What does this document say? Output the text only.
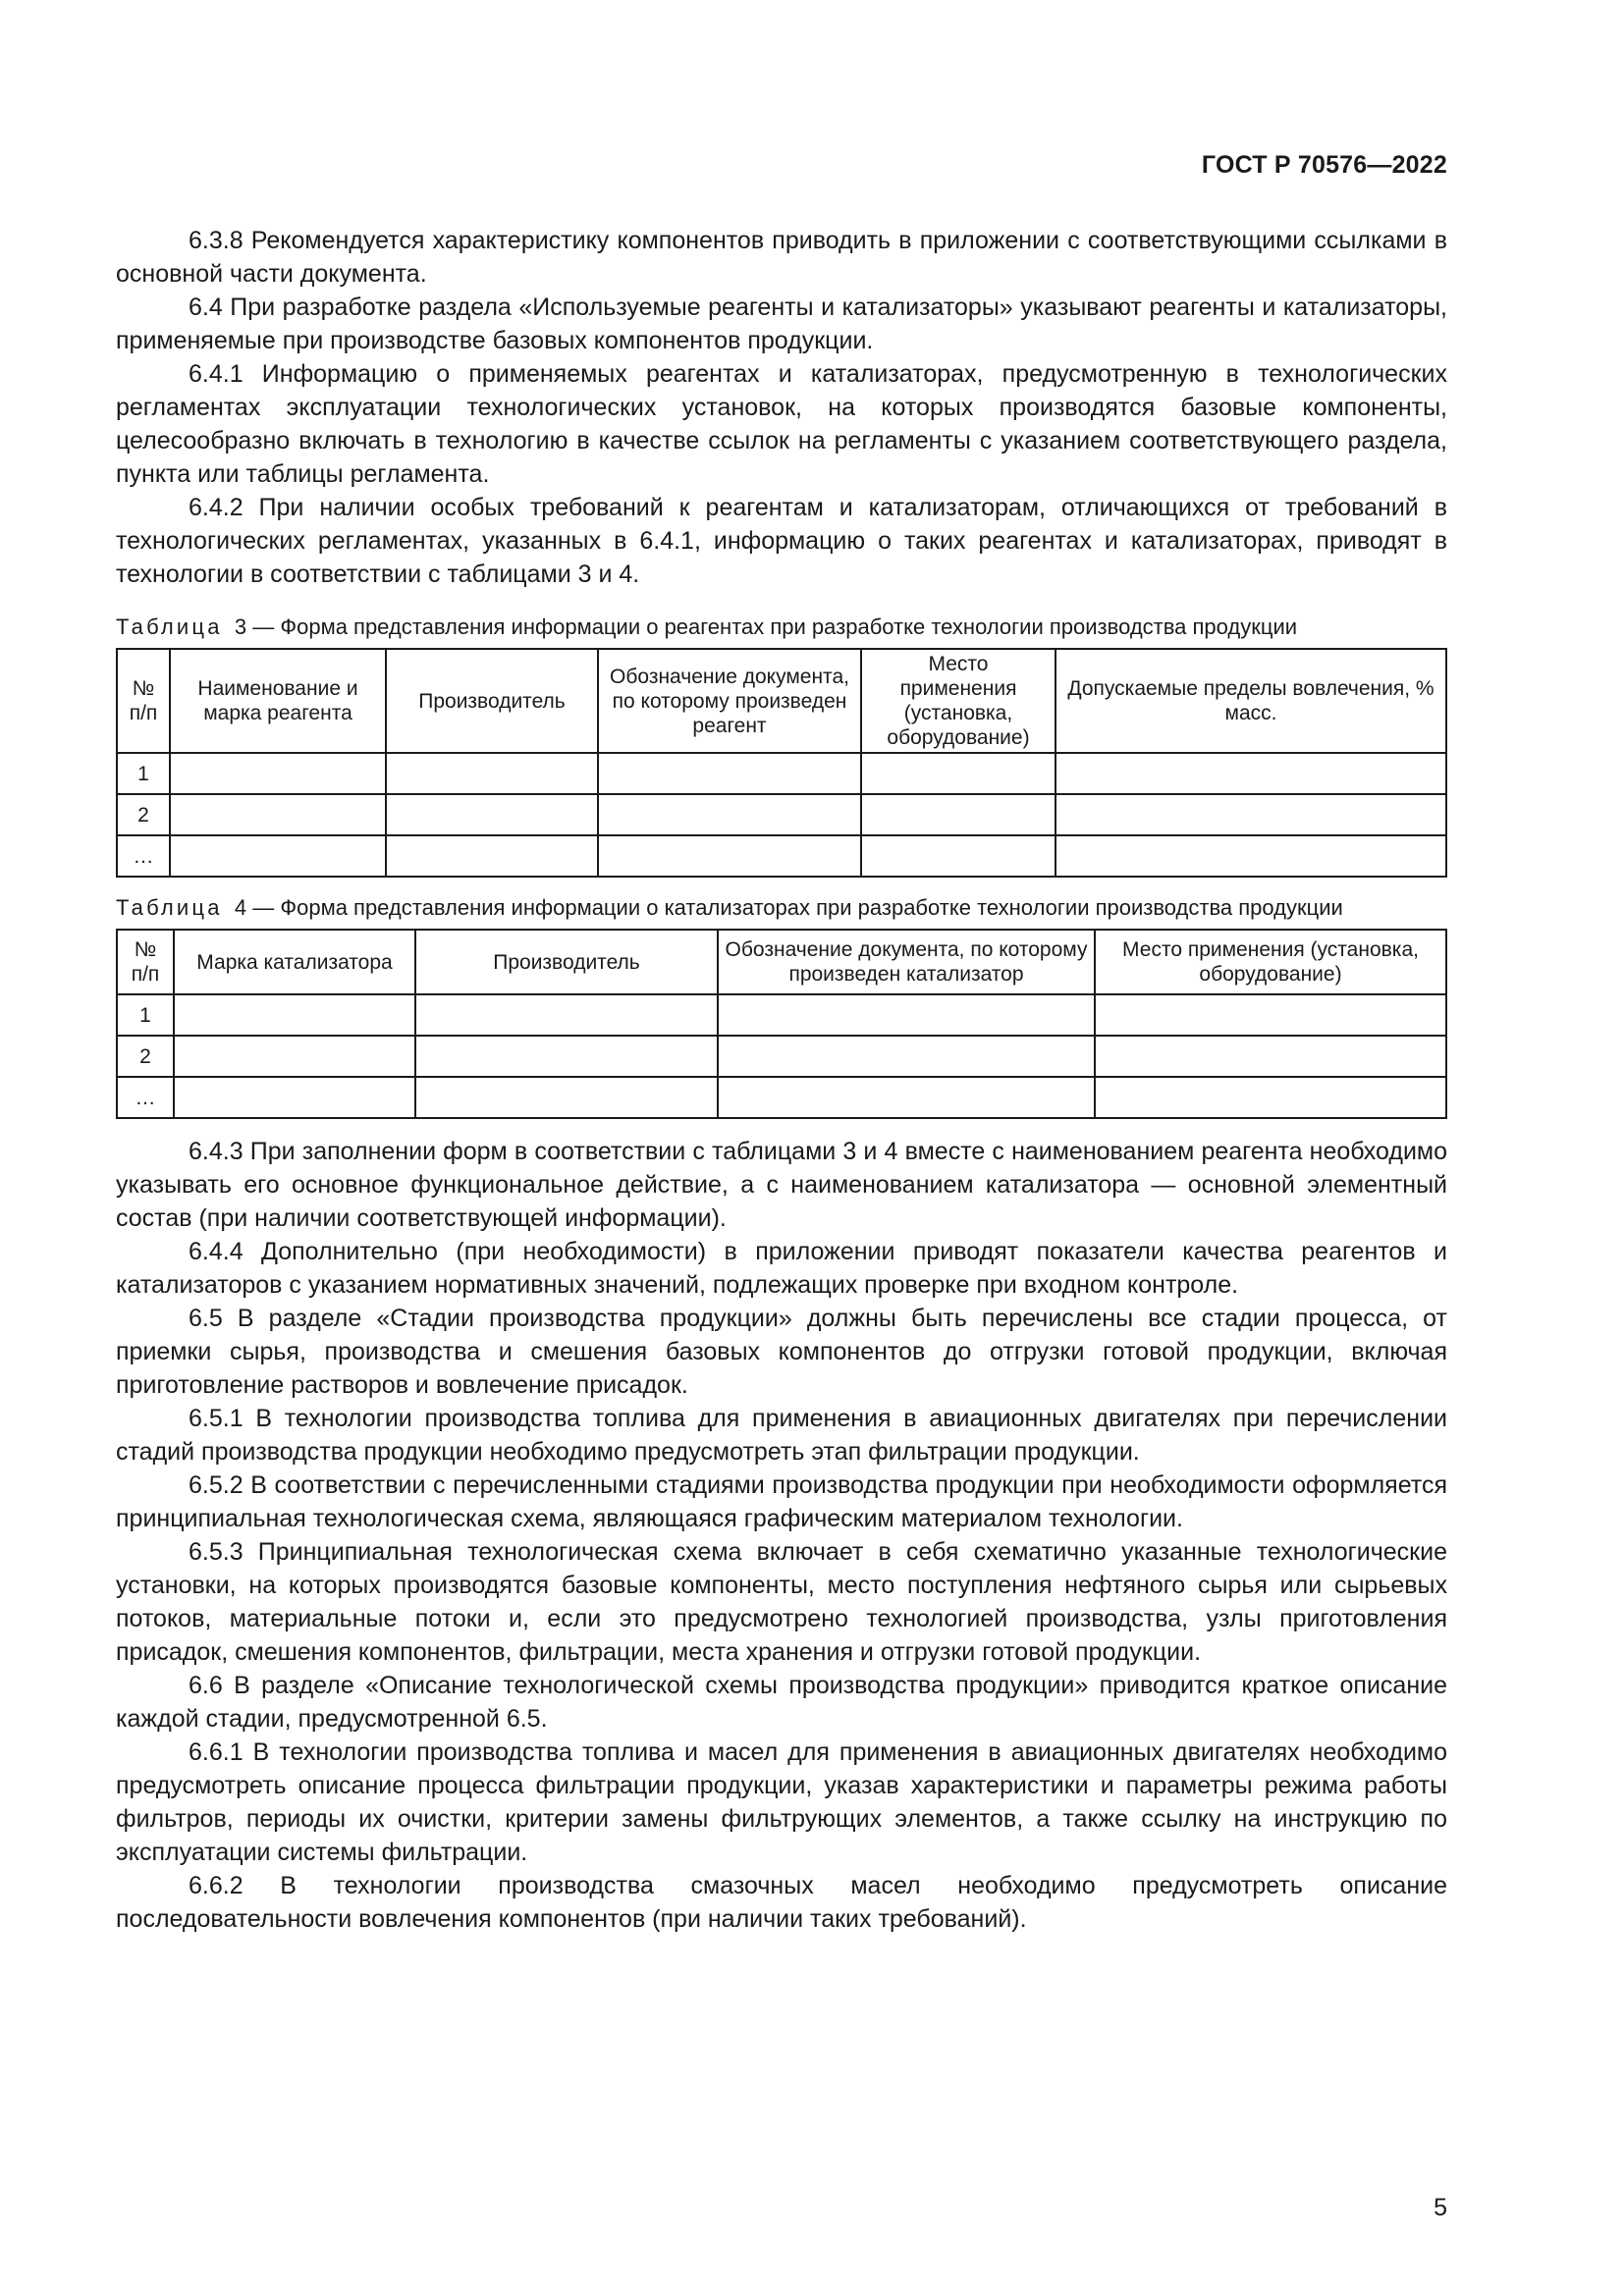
ГОСТ Р 70576—2022

6.3.8 Рекомендуется характеристику компонентов приводить в приложении с соответствующими ссылками в основной части документа.

6.4 При разработке раздела «Используемые реагенты и катализаторы» указывают реагенты и катализаторы, применяемые при производстве базовых компонентов продукции.

6.4.1 Информацию о применяемых реагентах и катализаторах, предусмотренную в технологических регламентах эксплуатации технологических установок, на которых производятся базовые компоненты, целесообразно включать в технологию в качестве ссылок на регламенты с указанием соответствующего раздела, пункта или таблицы регламента.

6.4.2 При наличии особых требований к реагентам и катализаторам, отличающихся от требований в технологических регламентах, указанных в 6.4.1, информацию о таких реагентах и катализаторах, приводят в технологии в соответствии с таблицами 3 и 4.

Таблица 3 — Форма представления информации о реагентах при разработке технологии производства продукции
№ п/п	Наименование и марка реагента	Производитель	Обозначение документа, по которому произведен реагент	Место применения (установка, оборудование)	Допускаемые пределы вовлечения, % масс.
1					
2					
…					
Таблица 4 — Форма представления информации о катализаторах при разработке технологии производства продукции
№ п/п	Марка катализатора	Производитель	Обозначение документа, по которому произведен катализатор	Место применения (установка, оборудование)
1				
2				
…				

6.4.3 При заполнении форм в соответствии с таблицами 3 и 4 вместе с наименованием реагента необходимо указывать его основное функциональное действие, а с наименованием катализатора — основной элементный состав (при наличии соответствующей информации).

6.4.4 Дополнительно (при необходимости) в приложении приводят показатели качества реагентов и катализаторов с указанием нормативных значений, подлежащих проверке при входном контроле.

6.5 В разделе «Стадии производства продукции» должны быть перечислены все стадии процесса, от приемки сырья, производства и смешения базовых компонентов до отгрузки готовой продукции, включая приготовление растворов и вовлечение присадок.

6.5.1 В технологии производства топлива для применения в авиационных двигателях при перечислении стадий производства продукции необходимо предусмотреть этап фильтрации продукции.

6.5.2 В соответствии с перечисленными стадиями производства продукции при необходимости оформляется принципиальная технологическая схема, являющаяся графическим материалом технологии.

6.5.3 Принципиальная технологическая схема включает в себя схематично указанные технологические установки, на которых производятся базовые компоненты, место поступления нефтяного сырья или сырьевых потоков, материальные потоки и, если это предусмотрено технологией производства, узлы приготовления присадок, смешения компонентов, фильтрации, места хранения и отгрузки готовой продукции.

6.6 В разделе «Описание технологической схемы производства продукции» приводится краткое описание каждой стадии, предусмотренной 6.5.

6.6.1 В технологии производства топлива и масел для применения в авиационных двигателях необходимо предусмотреть описание процесса фильтрации продукции, указав характеристики и параметры режима работы фильтров, периоды их очистки, критерии замены фильтрующих элементов, а также ссылку на инструкцию по эксплуатации системы фильтрации.

6.6.2 В технологии производства смазочных масел необходимо предусмотреть описание последовательности вовлечения компонентов (при наличии таких требований).

5
